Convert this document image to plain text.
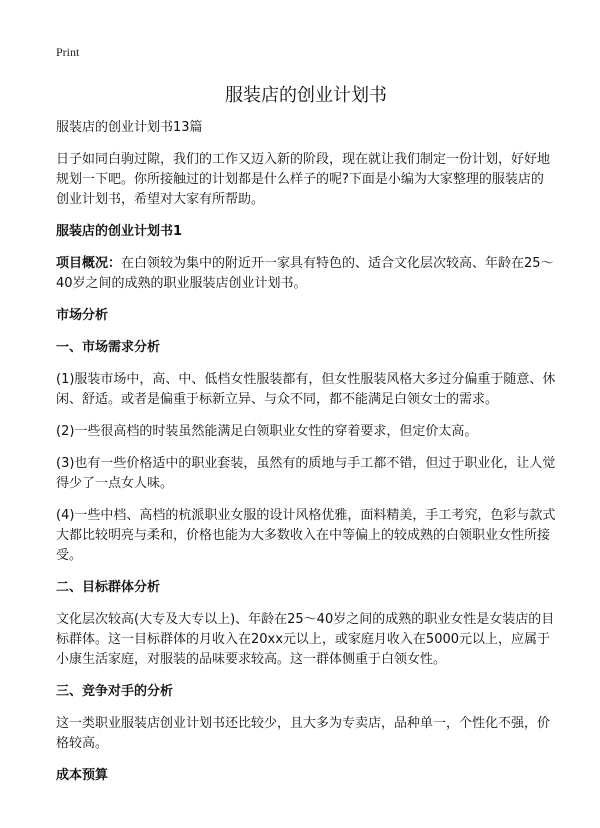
Print
服装店的创业计划书
服装店的创业计划书13篇

日子如同白驹过隙，我们的工作又迈入新的阶段，现在就让我们制定一份计划，好好地规划一下吧。你所接触过的计划都是什么样子的呢?下面是小编为大家整理的服装店的创业计划书，希望对大家有所帮助。

服装店的创业计划书1

项目概况：在白领较为集中的附近开一家具有特色的、适合文化层次较高、年龄在25～40岁之间的成熟的职业服装店创业计划书。

市场分析
一、市场需求分析

(1)服装市场中，高、中、低档女性服装都有，但女性服装风格大多过分偏重于随意、休闲、舒适。或者是偏重于标新立异、与众不同，都不能满足白领女士的需求。

(2)一些很高档的时装虽然能满足白领职业女性的穿着要求，但定价太高。

(3)也有一些价格适中的职业套装，虽然有的质地与手工都不错，但过于职业化，让人觉得少了一点女人味。

(4)一些中档、高档的杭派职业女服的设计风格优雅，面料精美，手工考究，色彩与款式大都比较明亮与柔和，价格也能为大多数收入在中等偏上的较成熟的白领职业女性所接受。

二、目标群体分析

文化层次较高(大专及大专以上)、年龄在25～40岁之间的成熟的职业女性是女装店的目标群体。这一目标群体的月收入在20xx元以上，或家庭月收入在5000元以上，应属于小康生活家庭，对服装的品味要求较高。这一群体侧重于白领女性。

三、竞争对手的分析

这一类职业服装店创业计划书还比较少，且大多为专卖店，品种单一，个性化不强，价格较高。

成本预算
